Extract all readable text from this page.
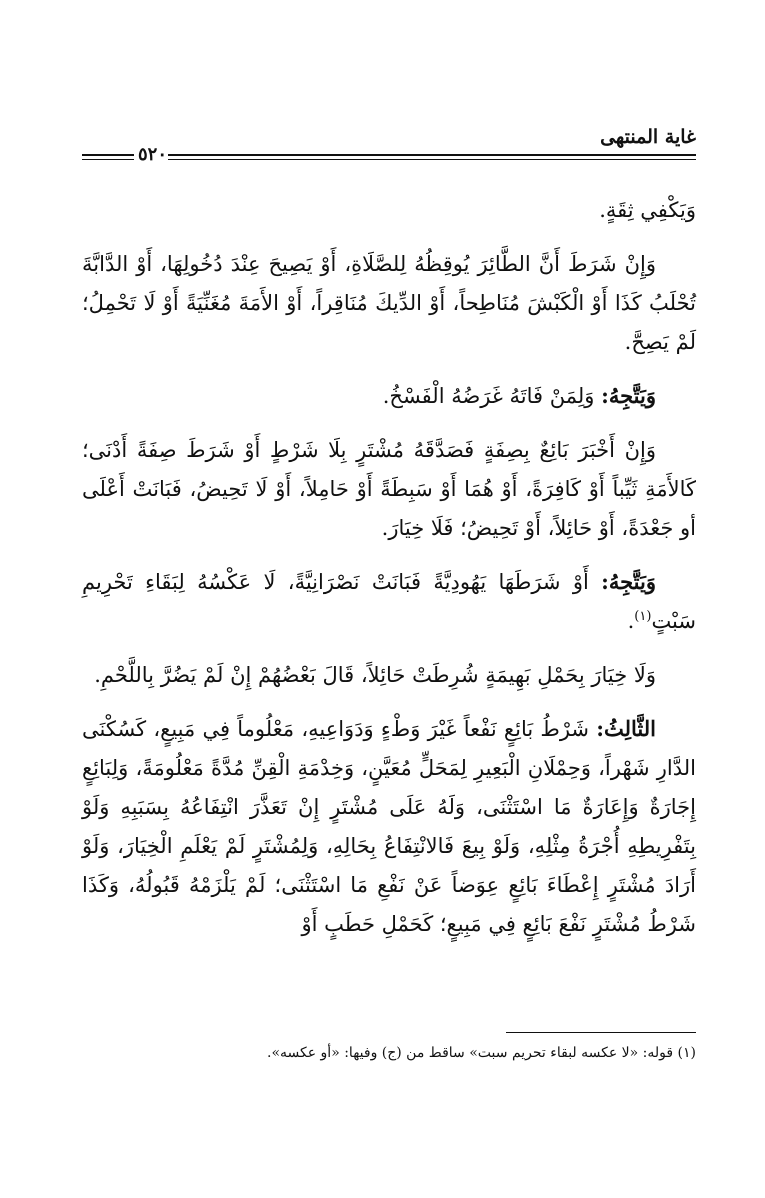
غاية المنتهى
٥٢٠

وَيَكْفِي ثِقَةٍ.

وَإِنْ شَرَطَ أَنَّ الطَّائِرَ يُوقِظُهُ لِلصَّلَاةِ، أَوْ يَصِيحَ عِنْدَ دُخُولِهَا، أَوْ الدَّابَّةَ تُحْلَبُ كَذَا أَوْ الْكَبْشَ مُنَاطِحاً، أَوْ الدِّيكَ مُنَاقِراً، أَوْ الأَمَةَ مُغَنِّيَةً أَوْ لَا تَحْمِلُ؛ لَمْ يَصِحَّ.

وَيَتَّجِهُ: وَلِمَنْ فَاتَهُ غَرَضُهُ الْفَسْخُ.

وَإِنْ أَخْبَرَ بَائِعٌ بِصِفَةٍ فَصَدَّقَهُ مُشْتَرٍ بِلَا شَرْطٍ أَوْ شَرَطَ صِفَةً أَدْنَى؛ كَالأَمَةِ ثَيِّباً أَوْ كَافِرَةً، أَوْ هُمَا أَوْ سَبِطَةً أَوْ حَامِلاً، أَوْ لَا تَحِيضُ، فَبَانَتْ أَعْلَى أو جَعْدَةً، أَوْ حَائِلاً، أَوْ تَحِيضُ؛ فَلَا خِيَارَ.

وَيَتَّجِهُ: أَوْ شَرَطَهَا يَهُودِيَّةً فَبَانَتْ نَصْرَانِيَّةً، لَا عَكْسُهُ لِبَقَاءِ تَحْرِيمِ سَبْتٍ$^{(١)}$.

وَلَا خِيَارَ بِحَمْلِ بَهِيمَةٍ شُرِطَتْ حَائِلاً، قَالَ بَعْضُهُمْ إِنْ لَمْ يَضُرَّ بِاللَّحْمِ.

الثَّالِثُ: شَرْطُ بَائِعٍ نَفْعاً غَيْرَ وَطْءٍ وَدَوَاعِيهِ، مَعْلُوماً فِي مَبِيعٍ، كَسُكْنَى الدَّارِ شَهْراً، وَحِمْلَانِ الْبَعِيرِ لِمَحَلٍّ مُعَيَّنٍ، وَخِدْمَةِ الْقِنِّ مُدَّةً مَعْلُومَةً، وَلِبَائِعٍ إِجَارَةٌ وَإِعَارَةٌ مَا اسْتَثْنَى، وَلَهُ عَلَى مُشْتَرٍ إِنْ تَعَذَّرَ انْتِفَاعُهُ بِسَبَبِهِ وَلَوْ بِتَفْرِيطِهِ أُجْرَةُ مِثْلِهِ، وَلَوْ بِيعَ فَالانْتِفَاعُ بِحَالِهِ، وَلِمُشْتَرٍ لَمْ يَعْلَمِ الْخِيَارَ، وَلَوْ أَرَادَ مُشْتَرٍ إِعْطَاءَ بَائِعٍ عِوَضاً عَنْ نَفْعِ مَا اسْتَثْنَى؛ لَمْ يَلْزَمْهُ قَبُولُهُ، وَكَذَا شَرْطُ مُشْتَرٍ نَفْعَ بَائِعٍ فِي مَبِيعٍ؛ كَحَمْلِ حَطَبٍ أَوْ

(١) قوله: «لا عكسه لبقاء تحريم سبت» ساقط من (ج) وفيها: «أو عكسه».
